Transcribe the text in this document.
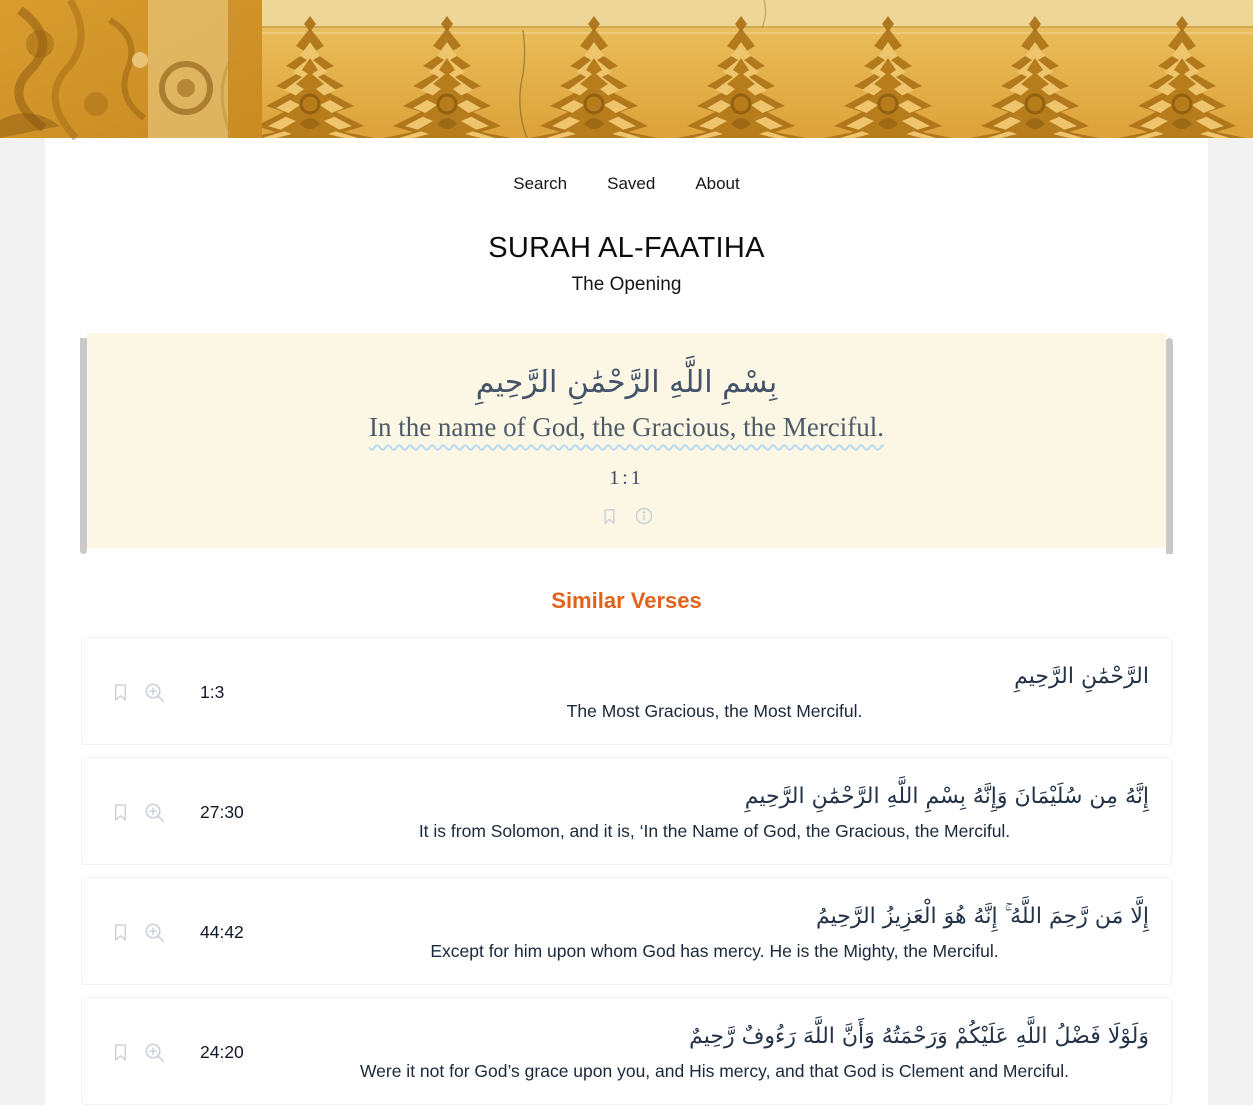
Search Saved About
SURAH AL-FAATIHA
The Opening
بِسْمِ اللَّهِ الرَّحْمَٰنِ الرَّحِيمِ
In the name of God, the Gracious, the Merciful.
1:1
Similar Verses
1:3
الرَّحْمَٰنِ الرَّحِيمِ
The Most Gracious, the Most Merciful.
27:30
إِنَّهُ مِن سُلَيْمَانَ وَإِنَّهُ بِسْمِ اللَّهِ الرَّحْمَٰنِ الرَّحِيمِ
It is from Solomon, and it is, ‘In the Name of God, the Gracious, the Merciful.
44:42
إِلَّا مَن رَّحِمَ اللَّهُ ۚ إِنَّهُ هُوَ الْعَزِيزُ الرَّحِيمُ
Except for him upon whom God has mercy. He is the Mighty, the Merciful.
24:20
وَلَوْلَا فَضْلُ اللَّهِ عَلَيْكُمْ وَرَحْمَتُهُ وَأَنَّ اللَّهَ رَءُوفٌ رَّحِيمٌ
Were it not for God’s grace upon you, and His mercy, and that God is Clement and Merciful.
